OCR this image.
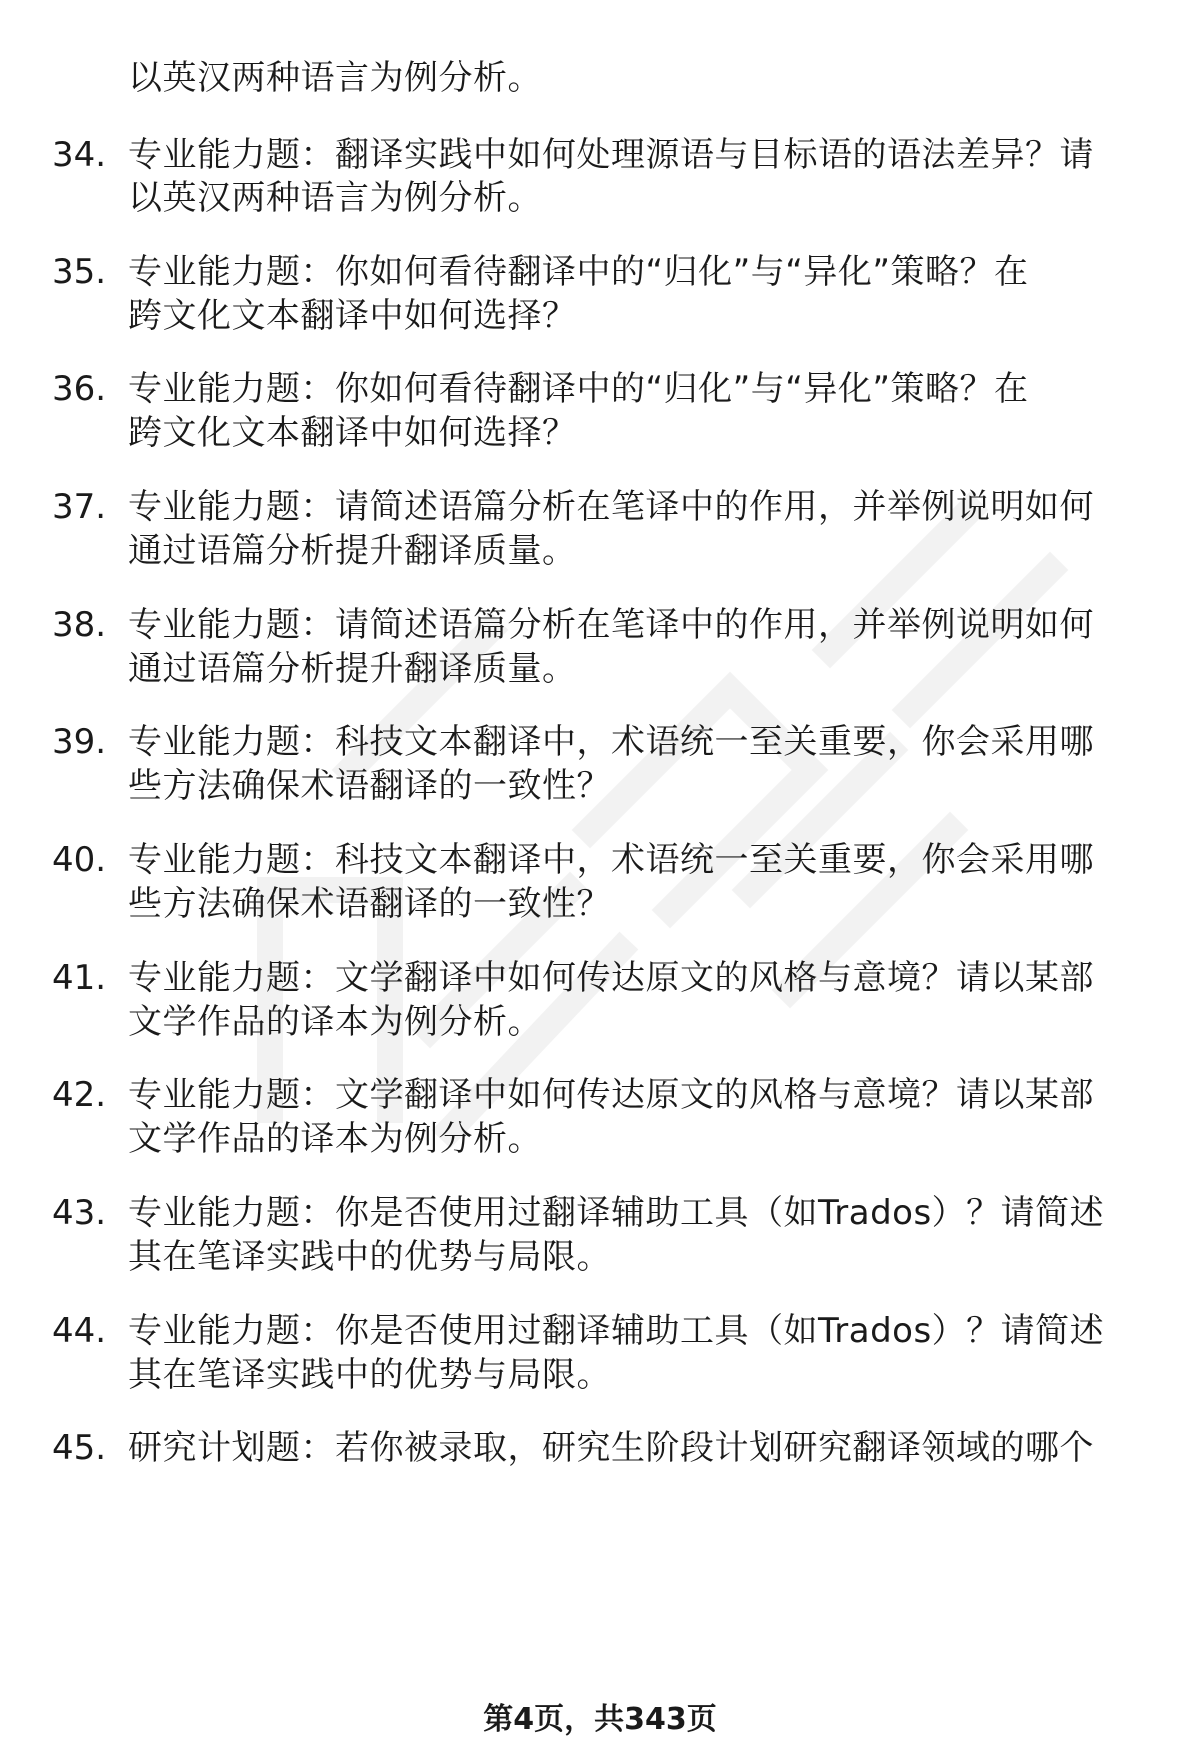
以英汉两种语言为例分析。
34. 专业能力题：翻译实践中如何处理源语与目标语的语法差异？请
以英汉两种语言为例分析。
35. 专业能力题：你如何看待翻译中的“归化”与“异化”策略？在
跨文化文本翻译中如何选择？
36. 专业能力题：你如何看待翻译中的“归化”与“异化”策略？在
跨文化文本翻译中如何选择？
37. 专业能力题：请简述语篇分析在笔译中的作用，并举例说明如何
通过语篇分析提升翻译质量。
38. 专业能力题：请简述语篇分析在笔译中的作用，并举例说明如何
通过语篇分析提升翻译质量。
39. 专业能力题：科技文本翻译中，术语统一至关重要，你会采用哪
些方法确保术语翻译的一致性？
40. 专业能力题：科技文本翻译中，术语统一至关重要，你会采用哪
些方法确保术语翻译的一致性？
41. 专业能力题：文学翻译中如何传达原文的风格与意境？请以某部
文学作品的译本为例分析。
42. 专业能力题：文学翻译中如何传达原文的风格与意境？请以某部
文学作品的译本为例分析。
43. 专业能力题：你是否使用过翻译辅助工具（如Trados）？请简述
其在笔译实践中的优势与局限。
44. 专业能力题：你是否使用过翻译辅助工具（如Trados）？请简述
其在笔译实践中的优势与局限。
45. 研究计划题：若你被录取，研究生阶段计划研究翻译领域的哪个
第4页，共343页
